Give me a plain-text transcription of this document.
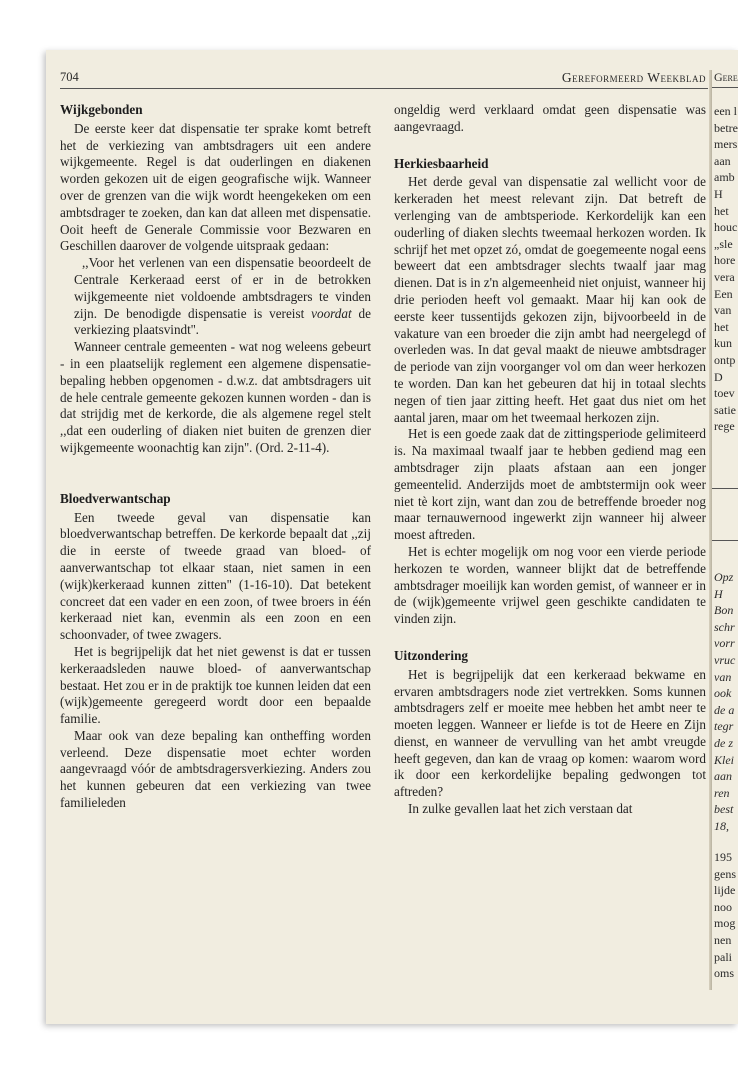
704	Gereformeerd Weekblad
Wijkgebonden

De eerste keer dat dispensatie ter sprake komt betreft het de verkiezing van ambtsdragers uit een andere wijkgemeente. Regel is dat ouderlingen en diakenen worden gekozen uit de eigen geografische wijk. Wanneer over de grenzen van die wijk wordt heengekeken om een ambtsdrager te zoeken, dan kan dat alleen met dispensatie. Ooit heeft de Generale Commissie voor Bezwaren en Geschillen daarover de volgende uitspraak gedaan:

,,Voor het verlenen van een dispensatie beoordeelt de Centrale Kerkeraad eerst of er in de betrokken wijkgemeente niet voldoende ambtsdragers te vinden zijn. De benodigde dispensatie is vereist voordat de verkiezing plaatsvindt''.

Wanneer centrale gemeenten - wat nog weleens gebeurt - in een plaatselijk reglement een algemene dispensatie-bepaling hebben opgenomen - d.w.z. dat ambtsdragers uit de hele centrale gemeente gekozen kunnen worden - dan is dat strijdig met de kerkorde, die als algemene regel stelt ,,dat een ouderling of diaken niet buiten de grenzen dier wijkgemeente woonachtig kan zijn''. (Ord. 2-11-4).

Bloedverwantschap

Een tweede geval van dispensatie kan bloedverwantschap betreffen. De kerkorde bepaalt dat ,,zij die in eerste of tweede graad van bloed- of aanverwantschap tot elkaar staan, niet samen in een (wijk)kerkeraad kunnen zitten'' (1-16-10). Dat betekent concreet dat een vader en een zoon, of twee broers in één kerkeraad niet kan, evenmin als een zoon en een schoonvader, of twee zwagers.

Het is begrijpelijk dat het niet gewenst is dat er tussen kerkeraadsleden nauwe bloed- of aanverwantschap bestaat. Het zou er in de praktijk toe kunnen leiden dat een (wijk)gemeente geregeerd wordt door een bepaalde familie.

Maar ook van deze bepaling kan ontheffing worden verleend. Deze dispensatie moet echter worden aangevraagd vóór de ambtsdragersverkiezing. Anders zou het kunnen gebeuren dat een verkiezing van twee familieleden

ongeldig werd verklaard omdat geen dispensatie was aangevraagd.

Herkiesbaarheid

Het derde geval van dispensatie zal wellicht voor de kerkeraden het meest relevant zijn. Dat betreft de verlenging van de ambtsperiode. Kerkordelijk kan een ouderling of diaken slechts tweemaal herkozen worden. Ik schrijf het met opzet zó, omdat de goegemeente nogal eens beweert dat een ambtsdrager slechts twaalf jaar mag dienen. Dat is in z'n algemeenheid niet onjuist, wanneer hij drie perioden heeft vol gemaakt. Maar hij kan ook de eerste keer tussentijds gekozen zijn, bijvoorbeeld in de vakature van een broeder die zijn ambt had neergelegd of overleden was. In dat geval maakt de nieuwe ambtsdrager de periode van zijn voorganger vol om dan weer herkozen te worden. Dan kan het gebeuren dat hij in totaal slechts negen of tien jaar zitting heeft. Het gaat dus niet om het aantal jaren, maar om het tweemaal herkozen zijn.

Het is een goede zaak dat de zittingsperiode gelimiteerd is. Na maximaal twaalf jaar te hebben gediend mag een ambtsdrager zijn plaats afstaan aan een jonger gemeentelid. Anderzijds moet de ambtstermijn ook weer niet tè kort zijn, want dan zou de betreffende broeder nog maar ternauwernood ingewerkt zijn wanneer hij alweer moest aftreden.

Het is echter mogelijk om nog voor een vierde periode herkozen te worden, wanneer blijkt dat de betreffende ambtsdrager moeilijk kan worden gemist, of wanneer er in de (wijk)gemeente vrijwel geen geschikte candidaten te vinden zijn.

Uitzondering

Het is begrijpelijk dat een kerkeraad bekwame en ervaren ambtsdragers node ziet vertrekken. Soms kunnen ambtsdragers zelf er moeite mee hebben het ambt neer te moeten leggen. Wanneer er liefde is tot de Heere en Zijn dienst, en wanneer de vervulling van het ambt vreugde heeft gegeven, dan kan de vraag op komen: waarom word ik door een kerkordelijke bepaling gedwongen tot aftreden?

In zulke gevallen laat het zich verstaan dat

Gere
een l
betre
mers
aan
amb
H
het
houc
„sle
hore
vera
Een
van
het
kun
ontp
D
toev
satie
rege
Opz
H
Bon
schr
vorr
vruc
van
ook
de a
tegr
de z
Klei
aan
ren
best
18,
195
gens
lijde
noo
mog
nen
pali
oms
